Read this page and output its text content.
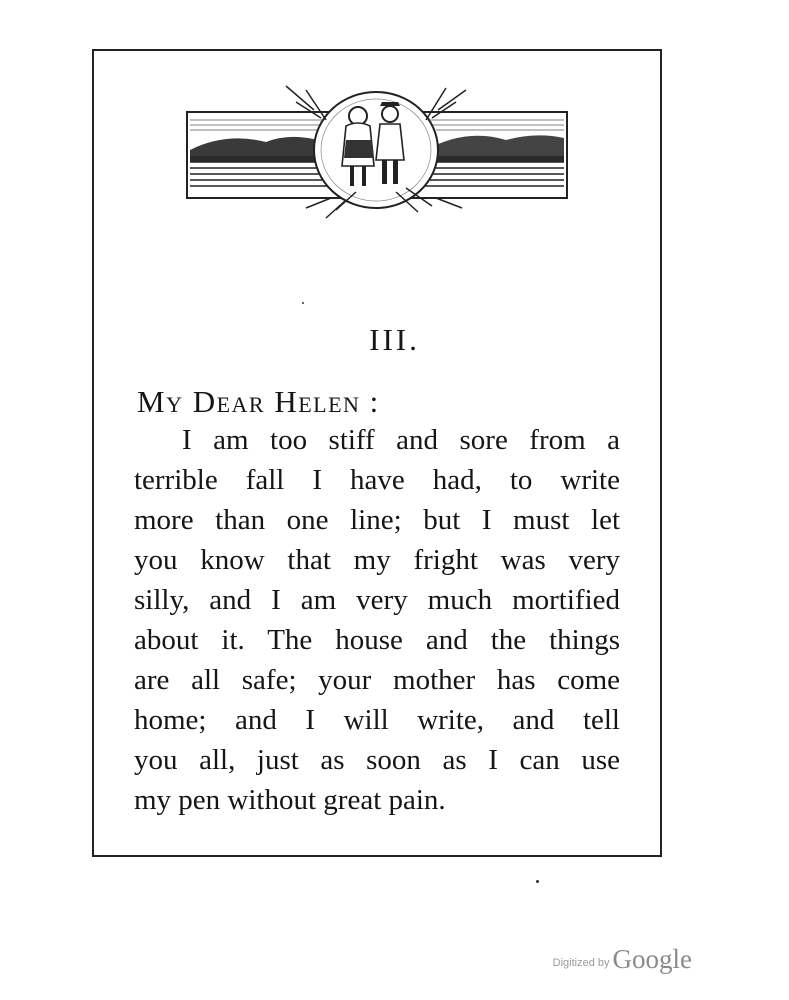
III.
My Dear Helen :
I am too stiff and sore from a
terrible fall I have had, to write
more than one line; but I must let
you know that my fright was very
silly, and I am very much mortified
about it. The house and the things
are all safe; your mother has come
home; and I will write, and tell
you all, just as soon as I can use
my pen without great pain.
Digitized by Google
